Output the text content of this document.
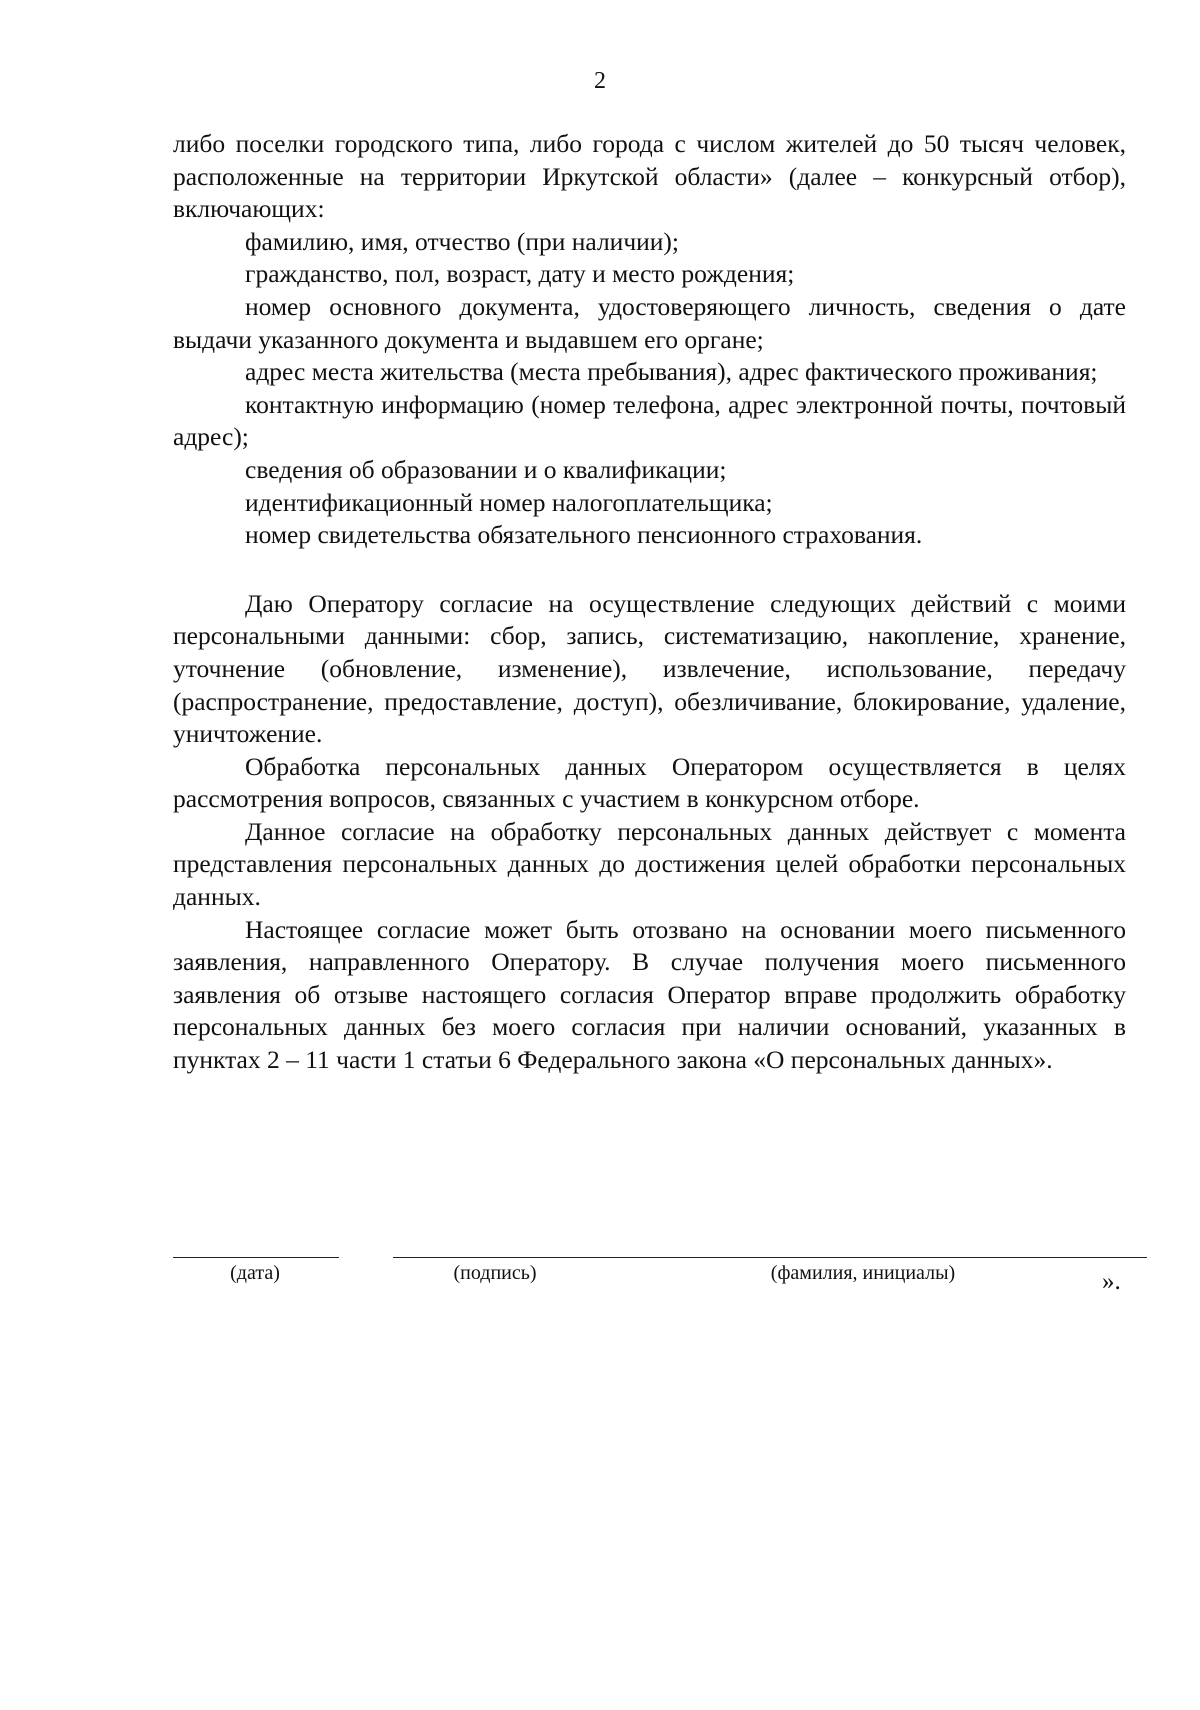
2

либо поселки городского типа, либо города с числом жителей до 50 тысяч человек, расположенные на территории Иркутской области» (далее – конкурсный отбор), включающих:

фамилию, имя, отчество (при наличии);

гражданство, пол, возраст, дату и место рождения;

номер основного документа, удостоверяющего личность, сведения о дате выдачи указанного документа и выдавшем его органе;

адрес места жительства (места пребывания), адрес фактического проживания;

контактную информацию (номер телефона, адрес электронной почты, почтовый адрес);

сведения об образовании и о квалификации;

идентификационный номер налогоплательщика;

номер свидетельства обязательного пенсионного страхования.

Даю Оператору согласие на осуществление следующих действий с моими персональными данными: сбор, запись, систематизацию, накопление, хранение, уточнение (обновление, изменение), извлечение, использование, передачу (распространение, предоставление, доступ), обезличивание, блокирование, удаление, уничтожение.

Обработка персональных данных Оператором осуществляется в целях рассмотрения вопросов, связанных с участием в конкурсном отборе.

Данное согласие на обработку персональных данных действует с момента представления персональных данных до достижения целей обработки персональных данных.

Настоящее согласие может быть отозвано на основании моего письменного заявления, направленного Оператору. В случае получения моего письменного заявления об отзыве настоящего согласия Оператор вправе продолжить обработку персональных данных без моего согласия при наличии оснований, указанных в пунктах 2 – 11 части 1 статьи 6 Федерального закона «О персональных данных».

(дата)	(подпись)	(фамилия, инициалы)	».
